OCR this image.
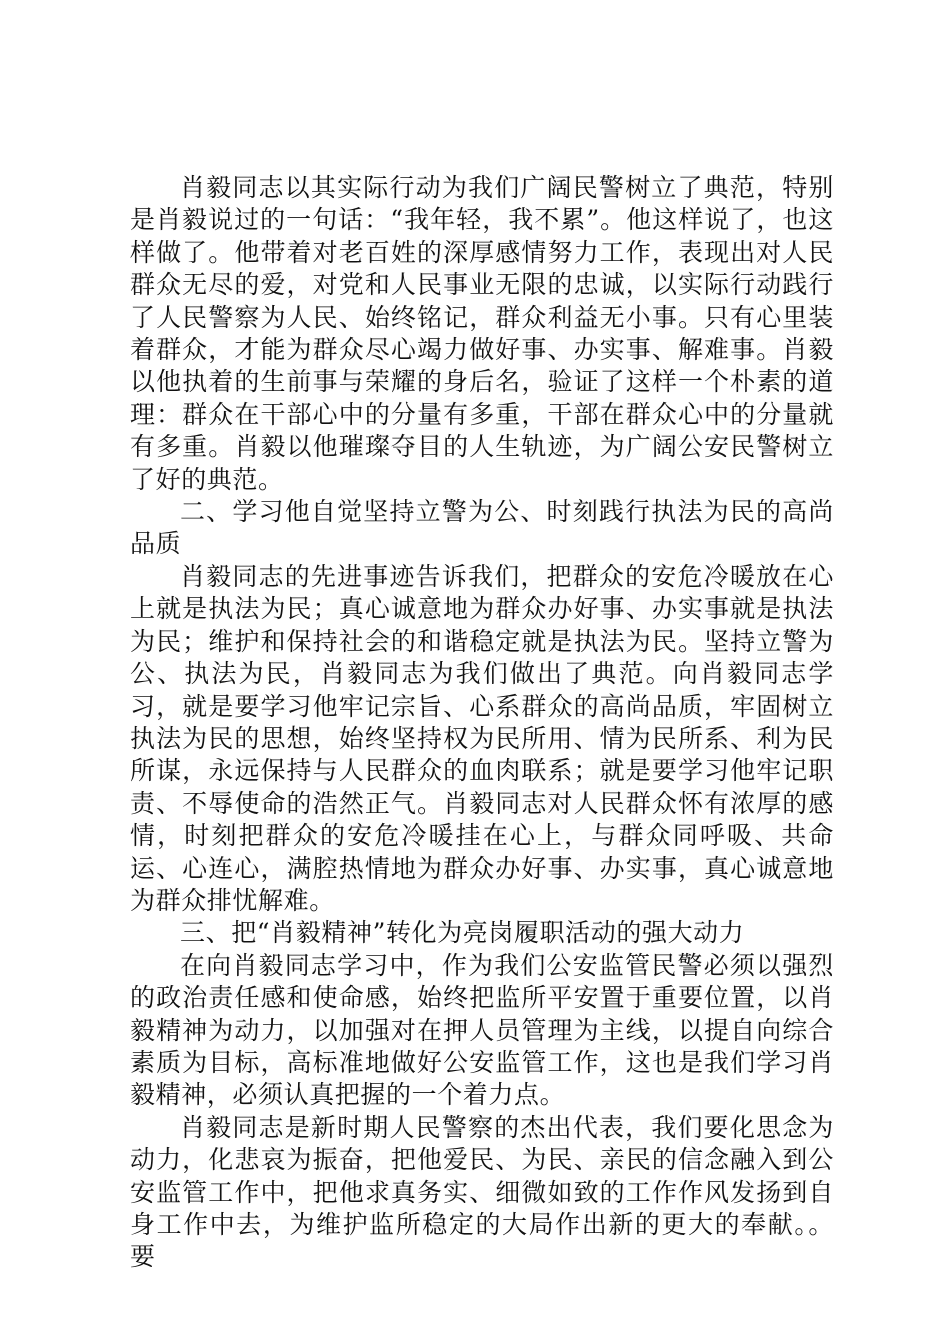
肖毅同志以其实际行动为我们广阔民警树立了典范，特别是肖毅说过的一句话：“我年轻，我不累”。他这样说了，也这样做了。他带着对老百姓的深厚感情努力工作，表现出对人民群众无尽的爱，对党和人民事业无限的忠诚，以实际行动践行了人民警察为人民、始终铭记，群众利益无小事。只有心里装着群众，才能为群众尽心竭力做好事、办实事、解难事。肖毅以他执着的生前事与荣耀的身后名，验证了这样一个朴素的道理：群众在干部心中的分量有多重，干部在群众心中的分量就有多重。肖毅以他璀璨夺目的人生轨迹，为广阔公安民警树立了好的典范。

二、学习他自觉坚持立警为公、时刻践行执法为民的高尚品质

肖毅同志的先进事迹告诉我们，把群众的安危冷暖放在心上就是执法为民；真心诚意地为群众办好事、办实事就是执法为民；维护和保持社会的和谐稳定就是执法为民。坚持立警为公、执法为民，肖毅同志为我们做出了典范。向肖毅同志学习，就是要学习他牢记宗旨、心系群众的高尚品质，牢固树立执法为民的思想，始终坚持权为民所用、情为民所系、利为民所谋，永远保持与人民群众的血肉联系；就是要学习他牢记职责、不辱使命的浩然正气。肖毅同志对人民群众怀有浓厚的感情，时刻把群众的安危冷暖挂在心上，与群众同呼吸、共命运、心连心，满腔热情地为群众办好事、办实事，真心诚意地为群众排忧解难。

三、把“肖毅精神”转化为亮岗履职活动的强大动力

在向肖毅同志学习中，作为我们公安监管民警必须以强烈的政治责任感和使命感，始终把监所平安置于重要位置，以肖毅精神为动力，以加强对在押人员管理为主线，以提自向综合素质为目标，高标准地做好公安监管工作，这也是我们学习肖毅精神，必须认真把握的一个着力点。

肖毅同志是新时期人民警察的杰出代表，我们要化思念为动力，化悲哀为振奋，把他爱民、为民、亲民的信念融入到公安监管工作中，把他求真务实、细微如致的工作作风发扬到自身工作中去，为维护监所稳定的大局作出新的更大的奉献。。要
